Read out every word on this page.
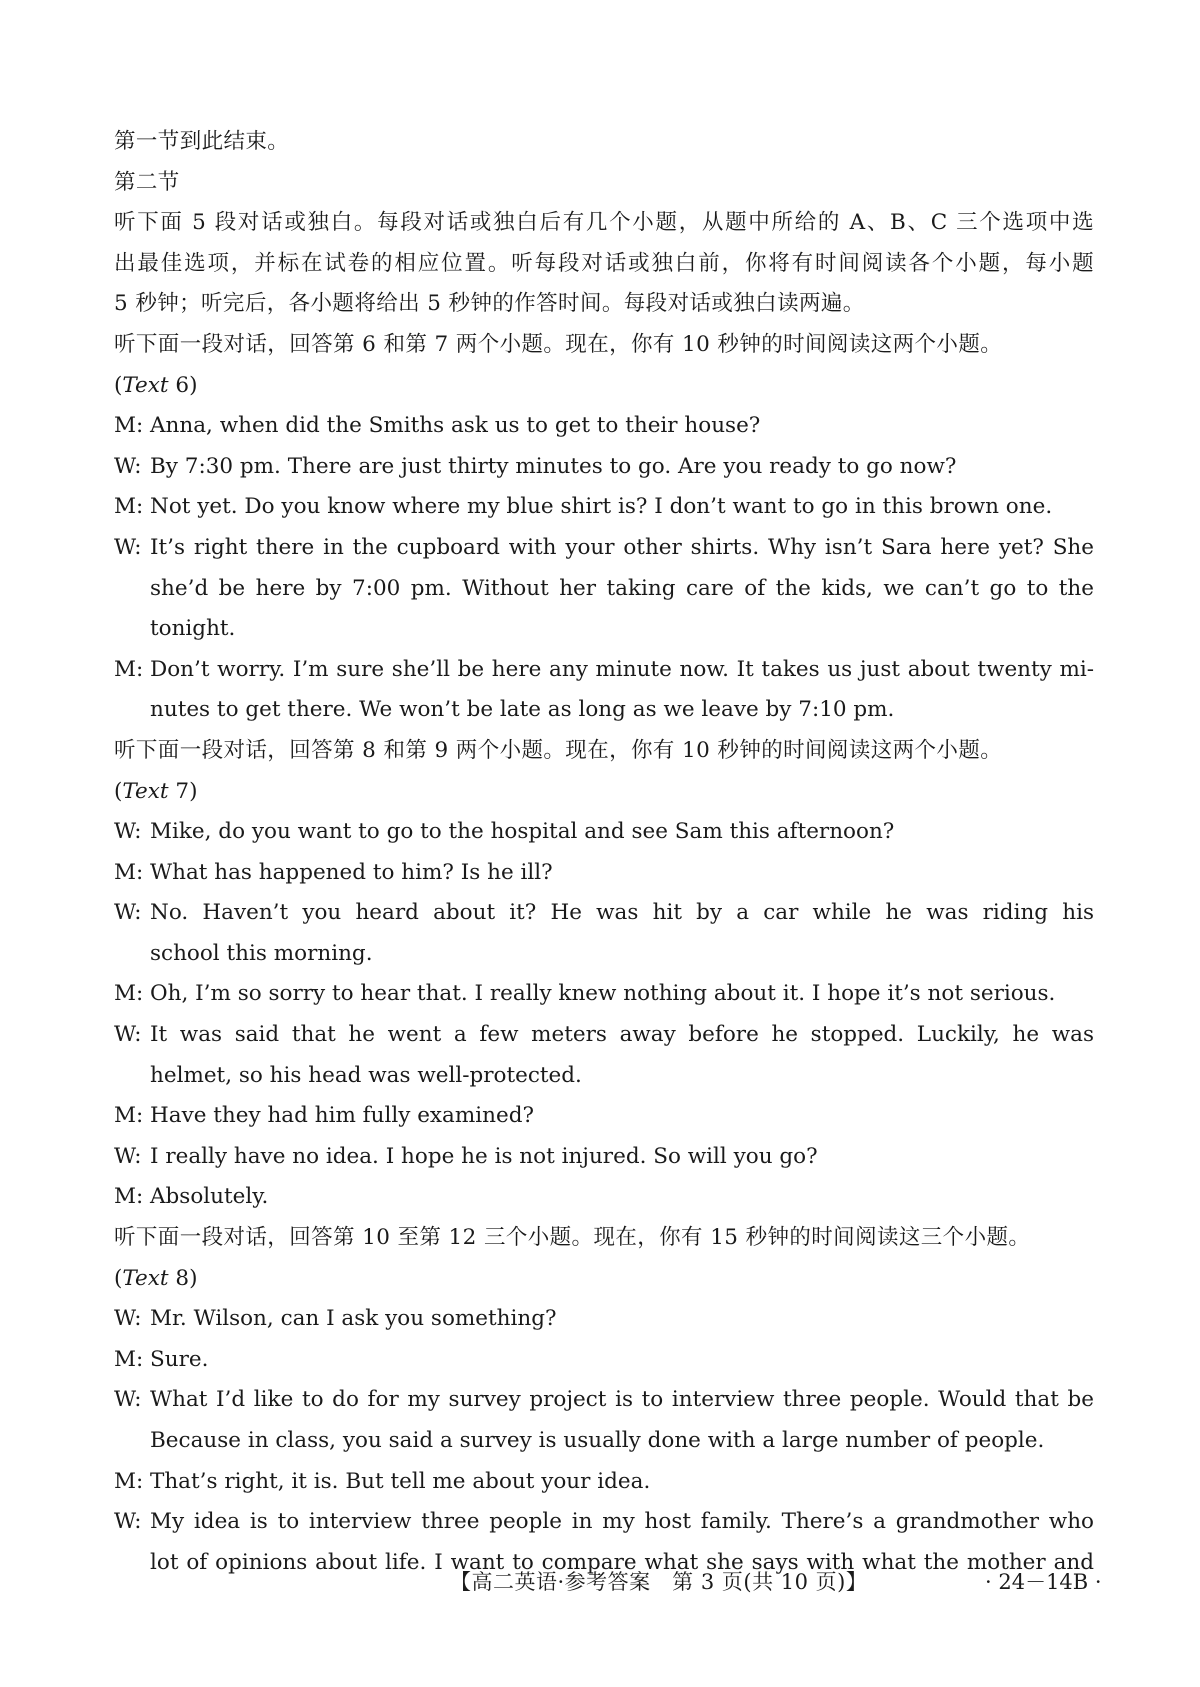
第一节到此结束。
第二节
听下面 5 段对话或独白。每段对话或独白后有几个小题，从题中所给的 A、B、C 三个选项中选
出最佳选项，并标在试卷的相应位置。听每段对话或独白前，你将有时间阅读各个小题，每小题
5 秒钟；听完后，各小题将给出 5 秒钟的作答时间。每段对话或独白读两遍。
听下面一段对话，回答第 6 和第 7 两个小题。现在，你有 10 秒钟的时间阅读这两个小题。
(Text 6)
M: Anna, when did the Smiths ask us to get to their house?
W: By 7:30 pm. There are just thirty minutes to go. Are you ready to go now?
M: Not yet. Do you know where my blue shirt is? I don’t want to go in this brown one.
W: It’s right there in the cupboard with your other shirts. Why isn’t Sara here yet? She
she’d be here by 7:00 pm. Without her taking care of the kids, we can’t go to the
tonight.
M: Don’t worry. I’m sure she’ll be here any minute now. It takes us just about twenty mi-
nutes to get there. We won’t be late as long as we leave by 7:10 pm.
听下面一段对话，回答第 8 和第 9 两个小题。现在，你有 10 秒钟的时间阅读这两个小题。
(Text 7)
W: Mike, do you want to go to the hospital and see Sam this afternoon?
M: What has happened to him? Is he ill?
W: No. Haven’t you heard about it? He was hit by a car while he was riding his
school this morning.
M: Oh, I’m so sorry to hear that. I really knew nothing about it. I hope it’s not serious.
W: It was said that he went a few meters away before he stopped. Luckily, he was
helmet, so his head was well-protected.
M: Have they had him fully examined?
W: I really have no idea. I hope he is not injured. So will you go?
M: Absolutely.
听下面一段对话，回答第 10 至第 12 三个小题。现在，你有 15 秒钟的时间阅读这三个小题。
(Text 8)
W: Mr. Wilson, can I ask you something?
M: Sure.
W: What I’d like to do for my survey project is to interview three people. Would that be
Because in class, you said a survey is usually done with a large number of people.
M: That’s right, it is. But tell me about your idea.
W: My idea is to interview three people in my host family. There’s a grandmother who
lot of opinions about life. I want to compare what she says with what the mother and
【高二英语·参考答案　第 3 页(共 10 页)】	· 24－14B ·
